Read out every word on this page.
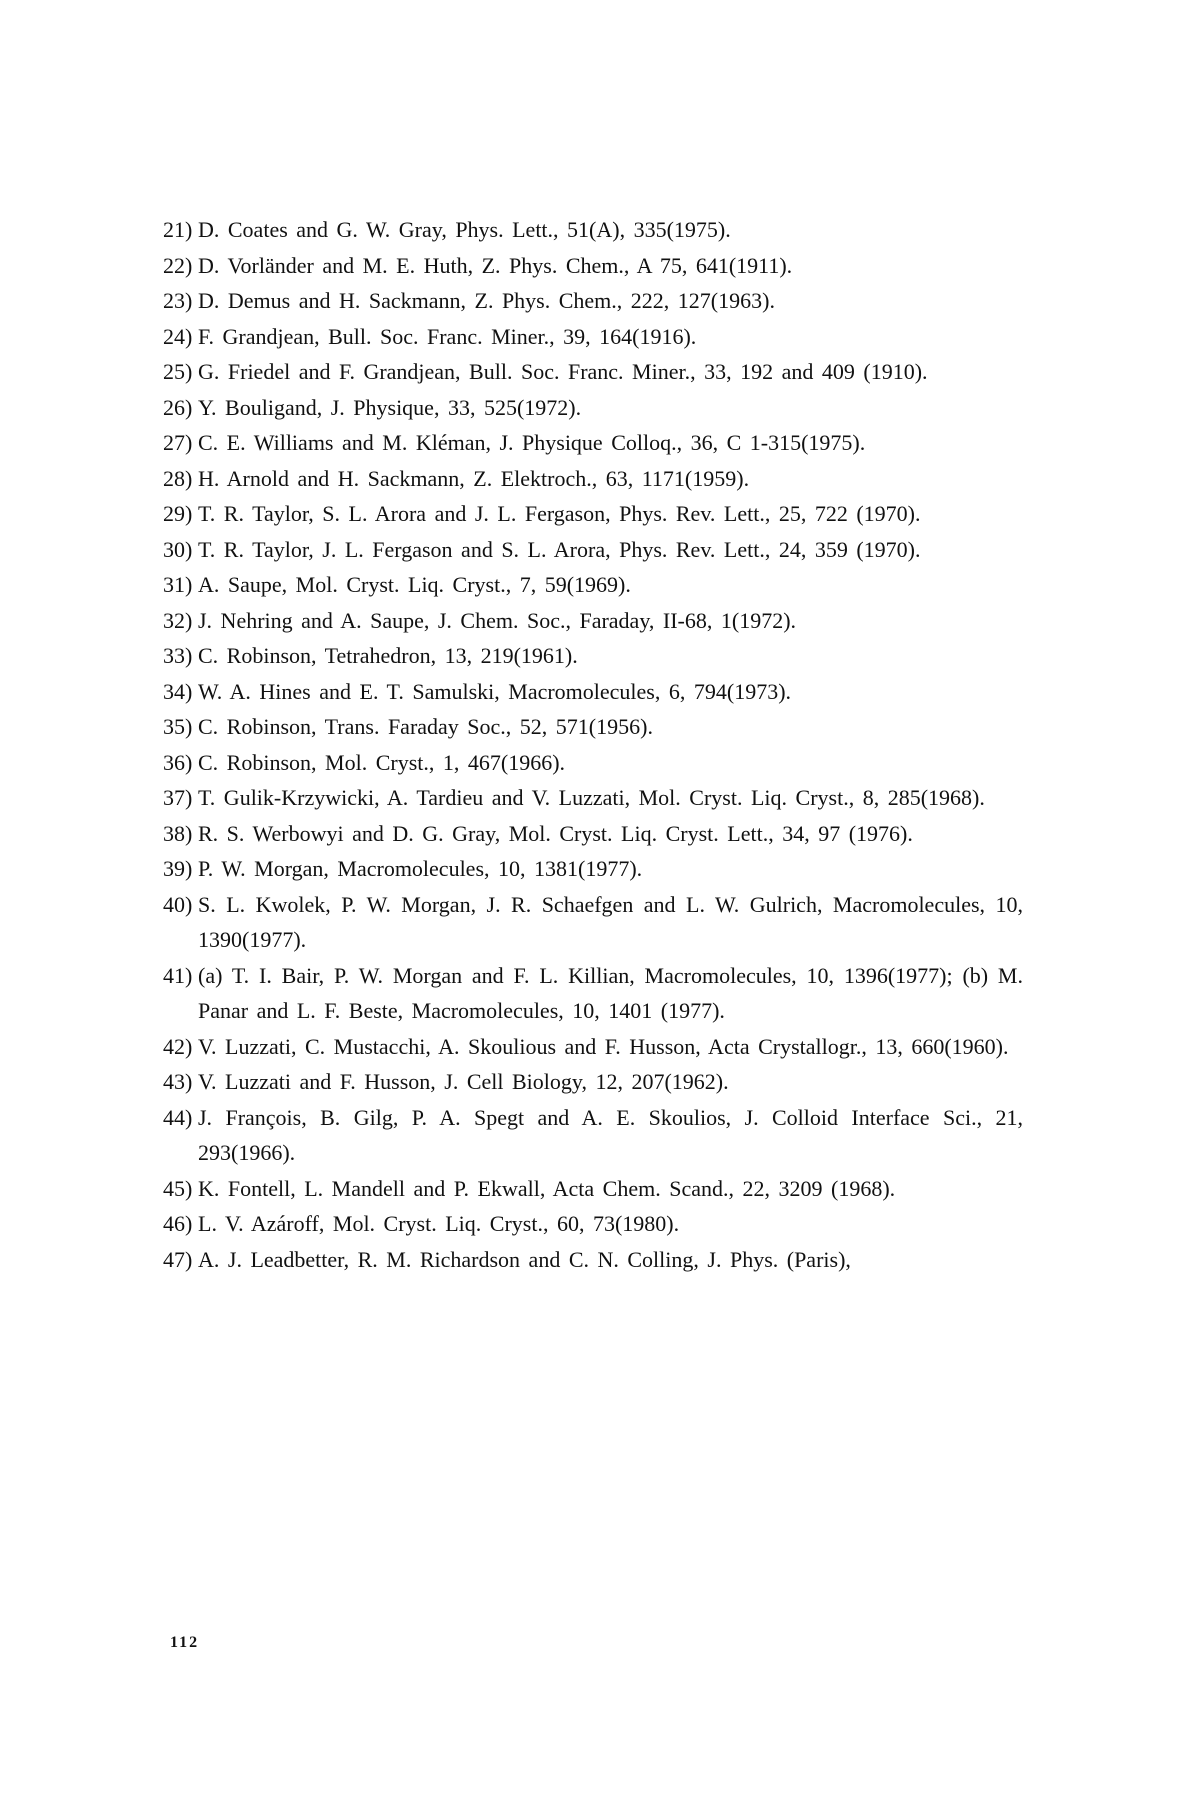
21) D. Coates and G. W. Gray, Phys. Lett., 51(A), 335(1975).
22) D. Vorländer and M. E. Huth, Z. Phys. Chem., A 75, 641(1911).
23) D. Demus and H. Sackmann, Z. Phys. Chem., 222, 127(1963).
24) F. Grandjean, Bull. Soc. Franc. Miner., 39, 164(1916).
25) G. Friedel and F. Grandjean, Bull. Soc. Franc. Miner., 33, 192 and 409 (1910).
26) Y. Bouligand, J. Physique, 33, 525(1972).
27) C. E. Williams and M. Kléman, J. Physique Colloq., 36, C 1-315(1975).
28) H. Arnold and H. Sackmann, Z. Elektroch., 63, 1171(1959).
29) T. R. Taylor, S. L. Arora and J. L. Fergason, Phys. Rev. Lett., 25, 722 (1970).
30) T. R. Taylor, J. L. Fergason and S. L. Arora, Phys. Rev. Lett., 24, 359 (1970).
31) A. Saupe, Mol. Cryst. Liq. Cryst., 7, 59(1969).
32) J. Nehring and A. Saupe, J. Chem. Soc., Faraday, II-68, 1(1972).
33) C. Robinson, Tetrahedron, 13, 219(1961).
34) W. A. Hines and E. T. Samulski, Macromolecules, 6, 794(1973).
35) C. Robinson, Trans. Faraday Soc., 52, 571(1956).
36) C. Robinson, Mol. Cryst., 1, 467(1966).
37) T. Gulik-Krzywicki, A. Tardieu and V. Luzzati, Mol. Cryst. Liq. Cryst., 8, 285(1968).
38) R. S. Werbowyi and D. G. Gray, Mol. Cryst. Liq. Cryst. Lett., 34, 97 (1976).
39) P. W. Morgan, Macromolecules, 10, 1381(1977).
40) S. L. Kwolek, P. W. Morgan, J. R. Schaefgen and L. W. Gulrich, Macromolecules, 10, 1390(1977).
41) (a) T. I. Bair, P. W. Morgan and F. L. Killian, Macromolecules, 10, 1396(1977); (b) M. Panar and L. F. Beste, Macromolecules, 10, 1401 (1977).
42) V. Luzzati, C. Mustacchi, A. Skoulious and F. Husson, Acta Crystallogr., 13, 660(1960).
43) V. Luzzati and F. Husson, J. Cell Biology, 12, 207(1962).
44) J. François, B. Gilg, P. A. Spegt and A. E. Skoulios, J. Colloid Interface Sci., 21, 293(1966).
45) K. Fontell, L. Mandell and P. Ekwall, Acta Chem. Scand., 22, 3209 (1968).
46) L. V. Azároff, Mol. Cryst. Liq. Cryst., 60, 73(1980).
47) A. J. Leadbetter, R. M. Richardson and C. N. Colling, J. Phys. (Paris),
112
